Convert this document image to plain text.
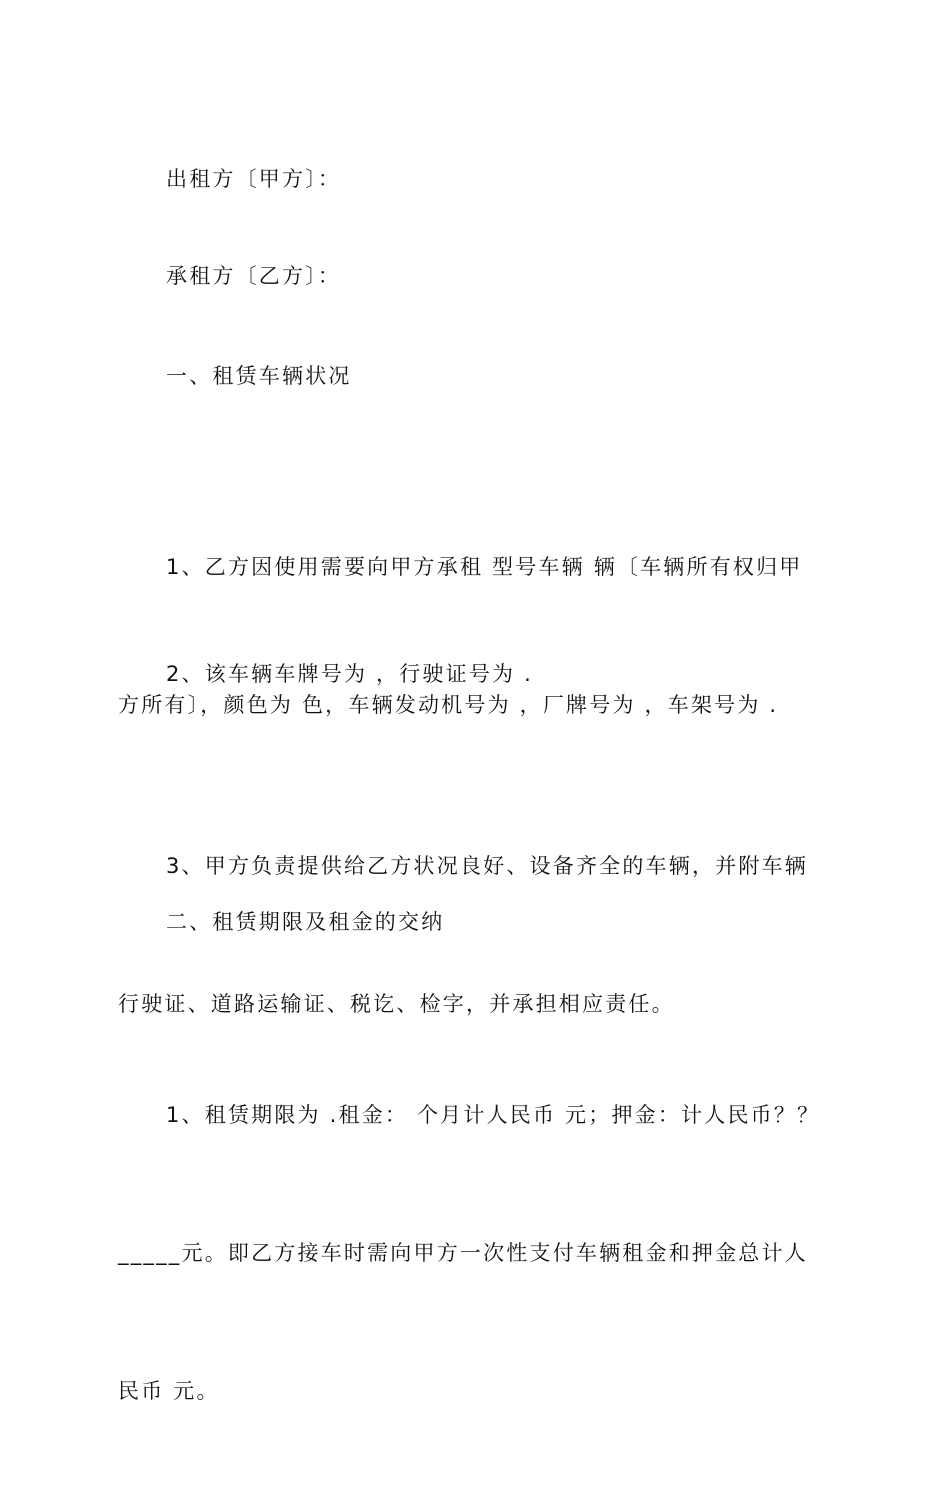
出租方〔甲方〕：

承租方〔乙方〕：

一、租赁车辆状况

1、乙方因使用需要向甲方承租 型号车辆 辆〔车辆所有权归甲

方所有〕，颜色为 色，车辆发动机号为 ，厂牌号为 ，车架号为 .

2、该车辆车牌号为 ，行驶证号为 .

3、甲方负责提供给乙方状况良好、设备齐全的车辆，并附车辆

行驶证、道路运输证、税讫、检字，并承担相应责任。

二、租赁期限及租金的交纳

1、租赁期限为 .租金： 个月计人民币 元；押金：计人民币？？

_____元。即乙方接车时需向甲方一次性支付车辆租金和押金总计人

民币 元。
